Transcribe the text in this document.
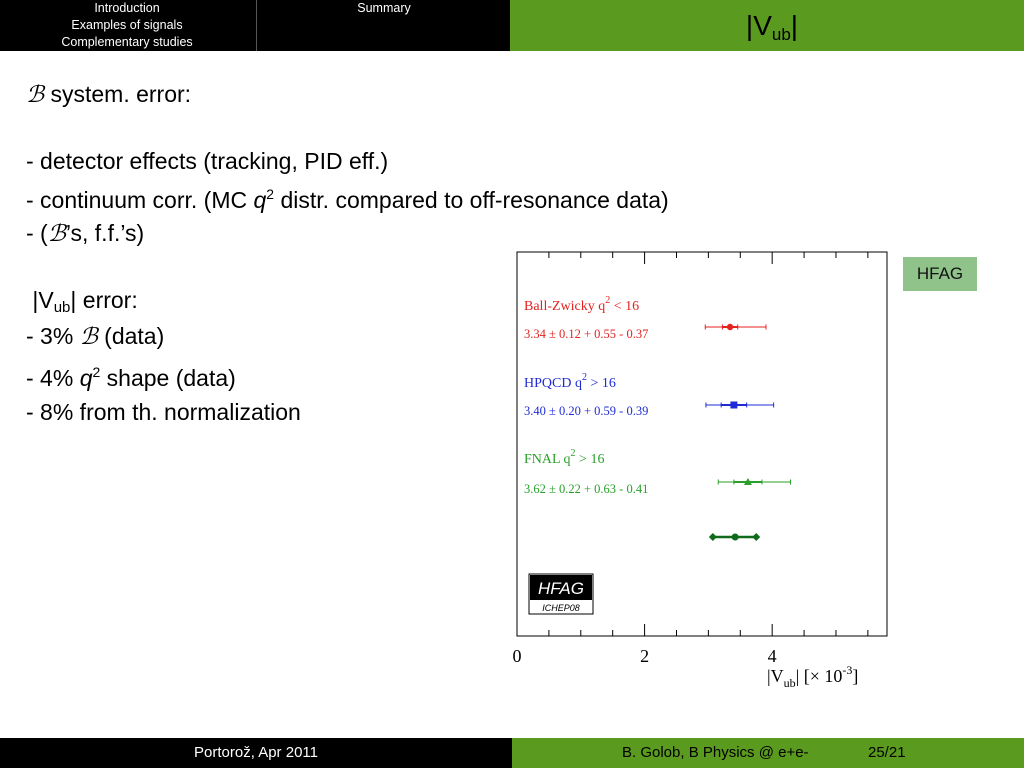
Introduction
Examples of signals
Complementary studies
Summary
$|V_{ub}|$
ℬ system. error:

- detector effects (tracking, PID eff.)
- continuum corr. (MC $q^2$ distr. compared to off-resonance data)
- (ℬ’s, f.f.’s)

$|V_{ub}|$ error:
- 3% ℬ (data)
- 4% $q^2$ shape (data)
- 8% from th. normalization
HFAG
Ball-Zwicky $q^2 < 16$
3.34 ± 0.12 + 0.55 - 0.37
HPQCD $q^2 > 16$
3.40 ± 0.20 + 0.59 - 0.39
FNAL $q^2 > 16$
3.62 ± 0.22 + 0.63 - 0.41
HFAG
ICHEP08
0	2	4
$|V_{ub}|$ [× $10^{-3}$]
Portorož, Apr 2011	B. Golob, B Physics @ e+e-	25/21
